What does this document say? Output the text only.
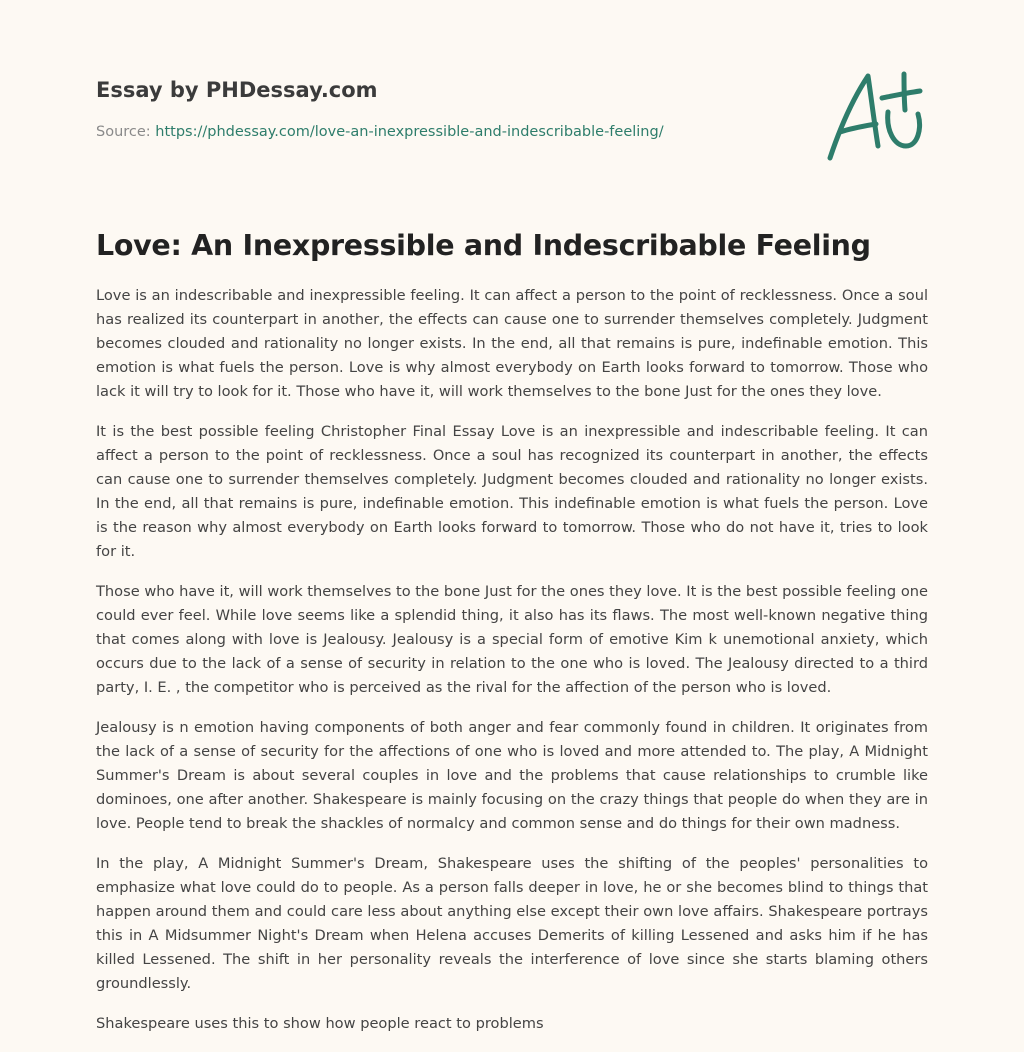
Essay by PHDessay.com
Source: https://phdessay.com/love-an-inexpressible-and-indescribable-feeling/
Love: An Inexpressible and Indescribable Feeling

Love is an indescribable and inexpressible feeling. It can affect a person to the point of recklessness. Once a soul has realized its counterpart in another, the effects can cause one to surrender themselves completely. Judgment becomes clouded and rationality no longer exists. In the end, all that remains is pure, indefinable emotion. This emotion is what fuels the person. Love is why almost everybody on Earth looks forward to tomorrow. Those who lack it will try to look for it. Those who have it, will work themselves to the bone Just for the ones they love.

It is the best possible feeling Christopher Final Essay Love is an inexpressible and indescribable feeling. It can affect a person to the point of recklessness. Once a soul has recognized its counterpart in another, the effects can cause one to surrender themselves completely. Judgment becomes clouded and rationality no longer exists. In the end, all that remains is pure, indefinable emotion. This indefinable emotion is what fuels the person. Love is the reason why almost everybody on Earth looks forward to tomorrow. Those who do not have it, tries to look for it.

Those who have it, will work themselves to the bone Just for the ones they love. It is the best possible feeling one could ever feel. While love seems like a splendid thing, it also has its flaws. The most well-known negative thing that comes along with love is Jealousy. Jealousy is a special form of emotive Kim k unemotional anxiety, which occurs due to the lack of a sense of security in relation to the one who is loved. The Jealousy directed to a third party, I. E. , the competitor who is perceived as the rival for the affection of the person who is loved.

Jealousy is n emotion having components of both anger and fear commonly found in children. It originates from the lack of a sense of security for the affections of one who is loved and more attended to. The play, A Midnight Summer's Dream is about several couples in love and the problems that cause relationships to crumble like dominoes, one after another. Shakespeare is mainly focusing on the crazy things that people do when they are in love. People tend to break the shackles of normalcy and common sense and do things for their own madness.

In the play, A Midnight Summer's Dream, Shakespeare uses the shifting of the peoples' personalities to emphasize what love could do to people. As a person falls deeper in love, he or she becomes blind to things that happen around them and could care less about anything else except their own love affairs. Shakespeare portrays this in A Midsummer Night's Dream when Helena accuses Demerits of killing Lessened and asks him if he has killed Lessened. The shift in her personality reveals the interference of love since she starts blaming others groundlessly.

Shakespeare uses this to show how people react to problems
